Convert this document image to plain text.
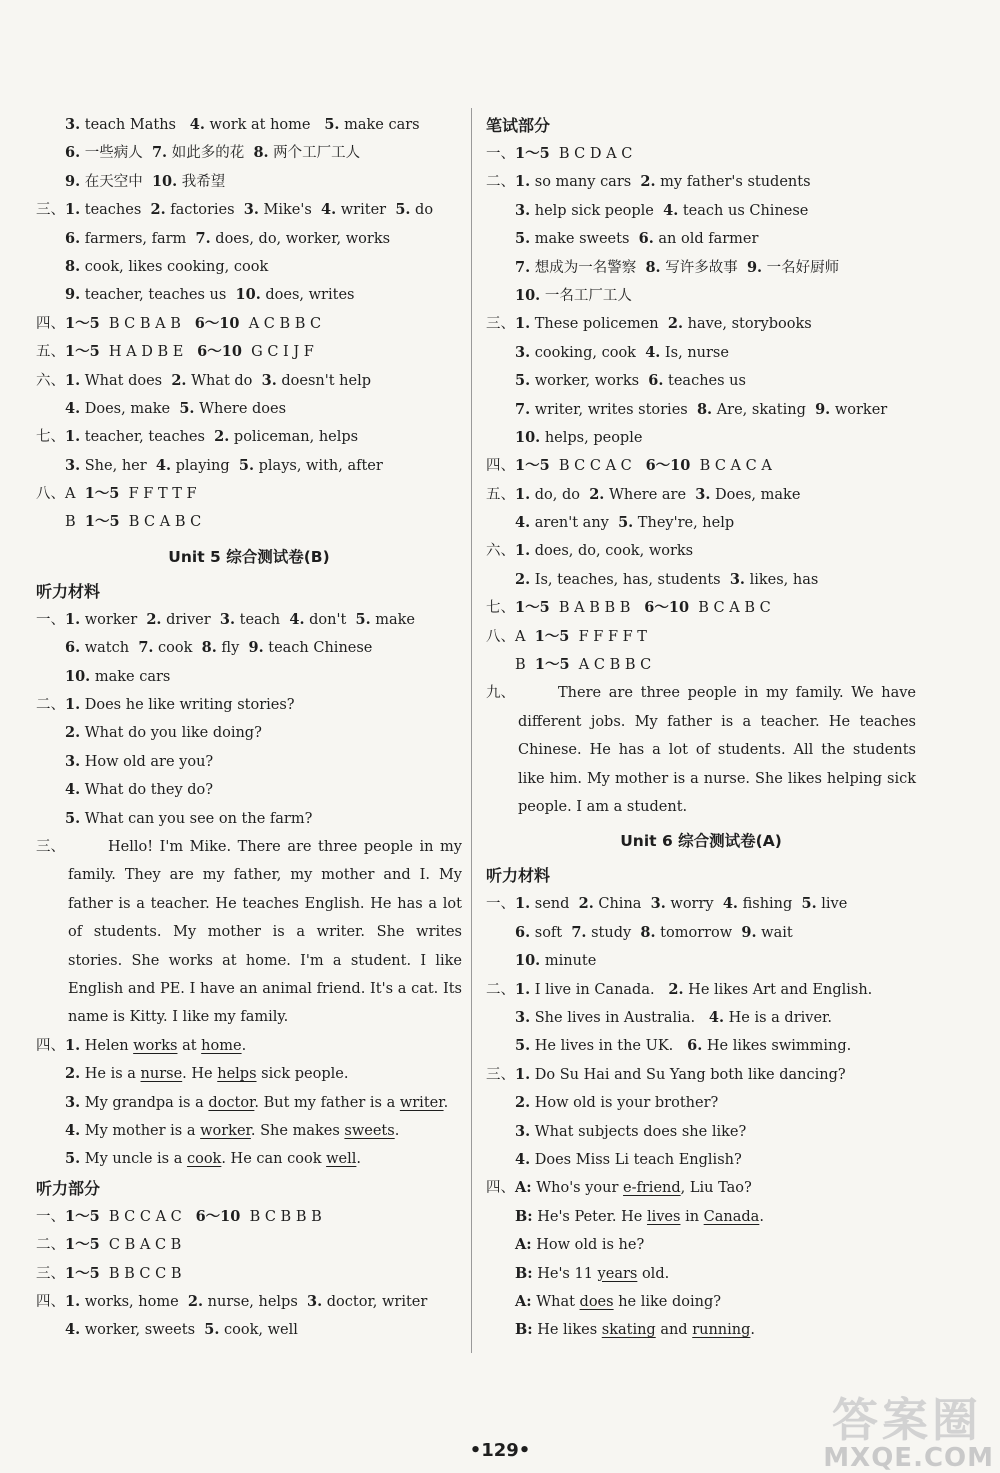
3. teach Maths   4. work at home   5. make cars
6. 一些病人  7. 如此多的花  8. 两个工厂工人
9. 在天空中  10. 我希望
三、1. teaches  2. factories  3. Mike's  4. writer  5. do
6. farmers, farm  7. does, do, worker, works
8. cook, likes cooking, cook
9. teacher, teaches us  10. does, writes
四、1～5  B C B A B   6～10  A C B B C
五、1～5  H A D B E   6～10  G C I J F
六、1. What does  2. What do  3. doesn't help
4. Does, make  5. Where does
七、1. teacher, teaches  2. policeman, helps
3. She, her  4. playing  5. plays, with, after
八、A  1～5  F F T T F
B  1～5  B C A B C
Unit 5 综合测试卷(B)
听力材料
一、1. worker  2. driver  3. teach  4. don't  5. make
6. watch  7. cook  8. fly  9. teach Chinese
10. make cars
二、1. Does he like writing stories?
2. What do you like doing?
3. How old are you?
4. What do they do?
5. What can you see on the farm?
三、	Hello! I'm Mike. There are three people in my family. They are my father, my mother and I. My father is a teacher. He teaches English. He has a lot of students. My mother is a writer. She writes stories. She works at home. I'm a student. I like English and PE. I have an animal friend. It's a cat. Its name is Kitty. I like my family.
四、1. Helen works at home.
2. He is a nurse. He helps sick people.
3. My grandpa is a doctor. But my father is a writer.
4. My mother is a worker. She makes sweets.
5. My uncle is a cook. He can cook well.
听力部分
一、1～5  B C C A C   6～10  B C B B B
二、1～5  C B A C B
三、1～5  B B C C B
四、1. works, home  2. nurse, helps  3. doctor, writer
4. worker, sweets  5. cook, well
笔试部分
一、1～5  B C D A C
二、1. so many cars  2. my father's students
3. help sick people  4. teach us Chinese
5. make sweets  6. an old farmer
7. 想成为一名警察  8. 写许多故事  9. 一名好厨师
10. 一名工厂工人
三、1. These policemen  2. have, storybooks
3. cooking, cook  4. Is, nurse
5. worker, works  6. teaches us
7. writer, writes stories  8. Are, skating  9. worker
10. helps, people
四、1～5  B C C A C   6～10  B C A C A
五、1. do, do  2. Where are  3. Does, make
4. aren't any  5. They're, help
六、1. does, do, cook, works
2. Is, teaches, has, students  3. likes, has
七、1～5  B A B B B   6～10  B C A B C
八、A  1～5  F F F F T
B  1～5  A C B B C
九、	There are three people in my family. We have different jobs. My father is a teacher. He teaches Chinese. He has a lot of students. All the students like him. My mother is a nurse. She likes helping sick people. I am a student.
Unit 6 综合测试卷(A)
听力材料
一、1. send  2. China  3. worry  4. fishing  5. live
6. soft  7. study  8. tomorrow  9. wait
10. minute
二、1. I live in Canada.   2. He likes Art and English.
3. She lives in Australia.   4. He is a driver.
5. He lives in the UK.   6. He likes swimming.
三、1. Do Su Hai and Su Yang both like dancing?
2. How old is your brother?
3. What subjects does she like?
4. Does Miss Li teach English?
四、A: Who's your e-friend, Liu Tao?
B: He's Peter. He lives in Canada.
A: How old is he?
B: He's 11 years old.
A: What does he like doing?
B: He likes skating and running.
•129•
答案圈
MXQE.COM
